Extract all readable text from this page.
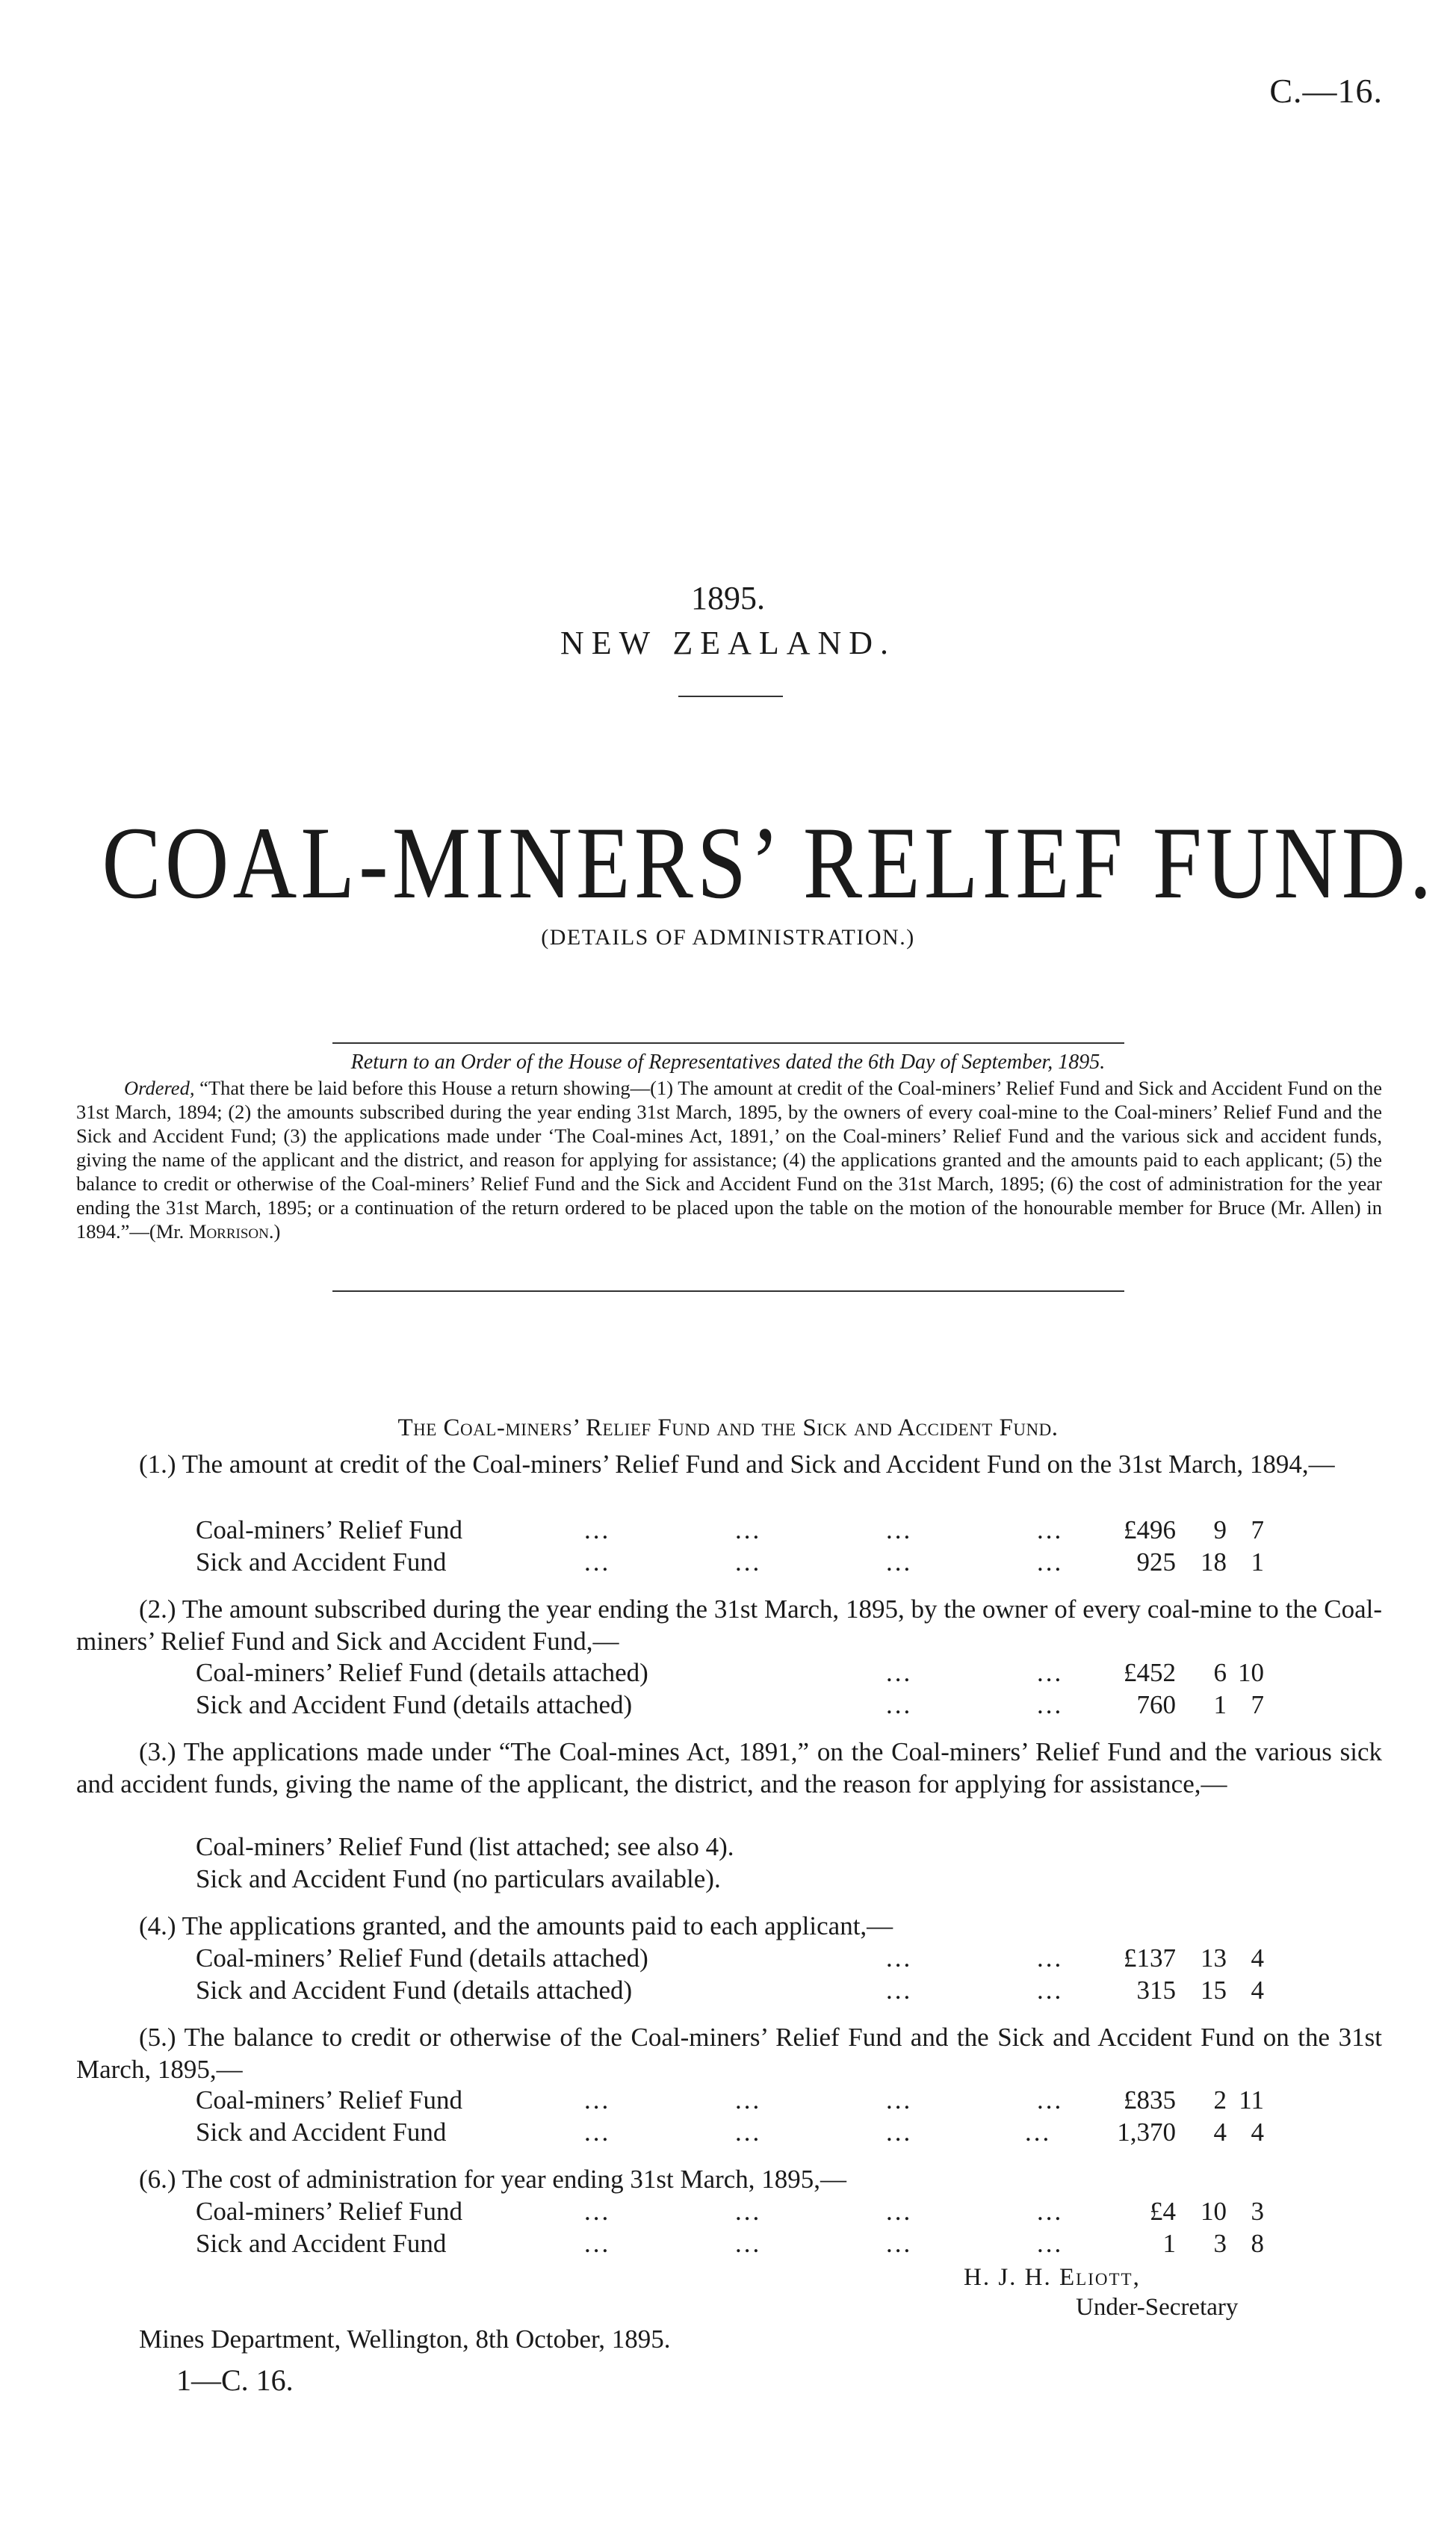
C.—16.
1895.
NEW ZEALAND.
COAL-MINERS’ RELIEF FUND.
(DETAILS OF ADMINISTRATION.)
Return to an Order of the House of Representatives dated the 6th Day of September, 1895.
Ordered, “That there be laid before this House a return showing—(1) The amount at credit of the Coal-miners’ Relief Fund and Sick and Accident Fund on the 31st March, 1894; (2) the amounts subscribed during the year ending 31st March, 1895, by the owners of every coal-mine to the Coal-miners’ Relief Fund and the Sick and Accident Fund; (3) the applications made under ‘The Coal-mines Act, 1891,’ on the Coal-miners’ Relief Fund and the various sick and accident funds, giving the name of the applicant and the district, and reason for applying for assistance; (4) the applications granted and the amounts paid to each applicant; (5) the balance to credit or otherwise of the Coal-miners’ Relief Fund and the Sick and Accident Fund on the 31st March, 1895; (6) the cost of administration for the year ending the 31st March, 1895; or a continuation of the return ordered to be placed upon the table on the motion of the honourable member for Bruce (Mr. Allen) in 1894.”—(Mr. Morrison.)
The Coal-miners’ Relief Fund and the Sick and Accident Fund.
(1.) The amount at credit of the Coal-miners’ Relief Fund and Sick and Accident Fund on the 31st March, 1894,—
Coal-miners’ Relief Fund	...	...	...	... £496	9 7
Sick and Accident Fund	...	...	...	...	925 18 1
(2.) The amount subscribed during the year ending the 31st March, 1895, by the owner of every coal-mine to the Coal-miners’ Relief Fund and Sick and Accident Fund,—
Coal-miners’ Relief Fund (details attached)	...	... £452	6 10
Sick and Accident Fund (details attached)	...	...	760	1 7
(3.) The applications made under “The Coal-mines Act, 1891,” on the Coal-miners’ Relief Fund and the various sick and accident funds, giving the name of the applicant, the district, and the reason for applying for assistance,—
Coal-miners’ Relief Fund (list attached; see also 4).
Sick and Accident Fund (no particulars available).
(4.) The applications granted, and the amounts paid to each applicant,—
Coal-miners’ Relief Fund (details attached)	...	... £137 13 4
Sick and Accident Fund (details attached)	...	...	315 15 4
(5.) The balance to credit or otherwise of the Coal-miners’ Relief Fund and the Sick and Accident Fund on the 31st March, 1895,—
Coal-miners’ Relief Fund	...	...	...	... £835	2 11
Sick and Accident Fund	...	...	...	...	1,370	4 4
(6.) The cost of administration for year ending 31st March, 1895,—
Coal-miners’ Relief Fund	...	...	...	...	£4 10 3
Sick and Accident Fund	...	...	...	...	1	3 8
H. J. H. Eliott,
Under-Secretary
Mines Department, Wellington, 8th October, 1895.
1—C. 16.
